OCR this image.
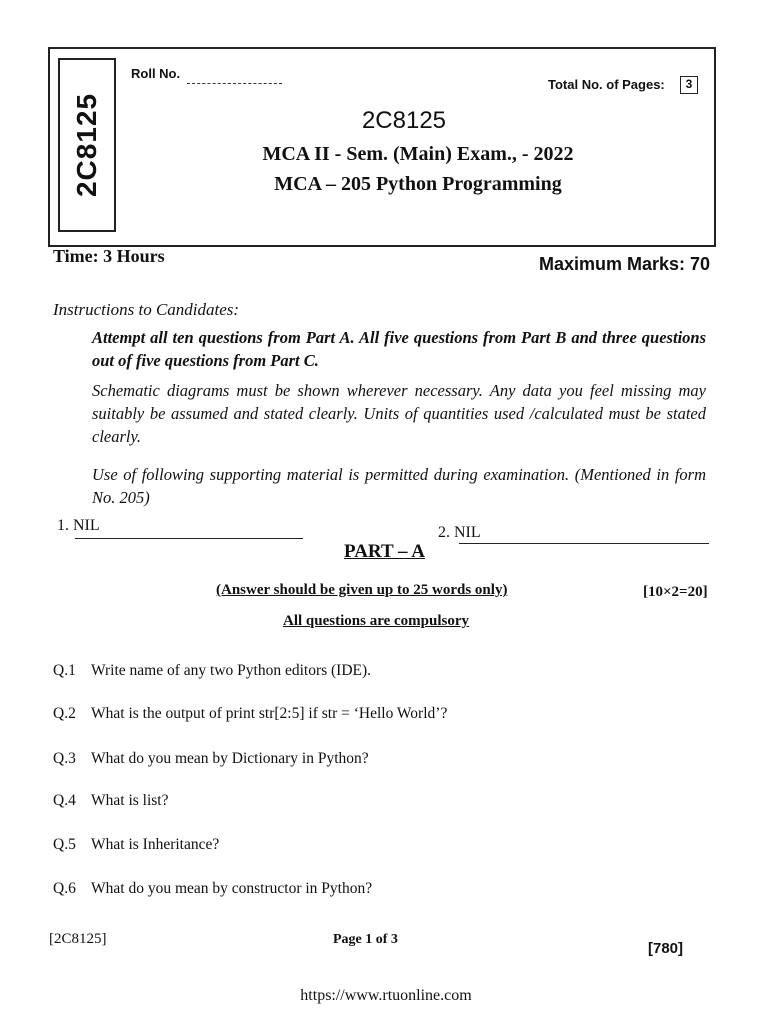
2C8125
Roll No.
Total No. of Pages:	3
2C8125
MCA II - Sem. (Main) Exam., - 2022
MCA – 205 Python Programming
Time: 3 Hours	Maximum Marks: 70
Instructions to Candidates:
Attempt all ten questions from Part A. All five questions from Part B and three questions out of five questions from Part C.
Schematic diagrams must be shown wherever necessary. Any data you feel missing may suitably be assumed and stated clearly. Units of quantities used /calculated must be stated clearly.
Use of following supporting material is permitted during examination. (Mentioned in form No. 205)
1. NIL	2. NIL
PART – A
(Answer should be given up to 25 words only)	[10×2=20]
All questions are compulsory
Q.1 Write name of any two Python editors (IDE).
Q.2 What is the output of print str[2:5] if str = ‘Hello World’?
Q.3 What do you mean by Dictionary in Python?
Q.4 What is list?
Q.5 What is Inheritance?
Q.6 What do you mean by constructor in Python?
[2C8125]	Page 1 of 3
[780]
https://www.rtuonline.com
